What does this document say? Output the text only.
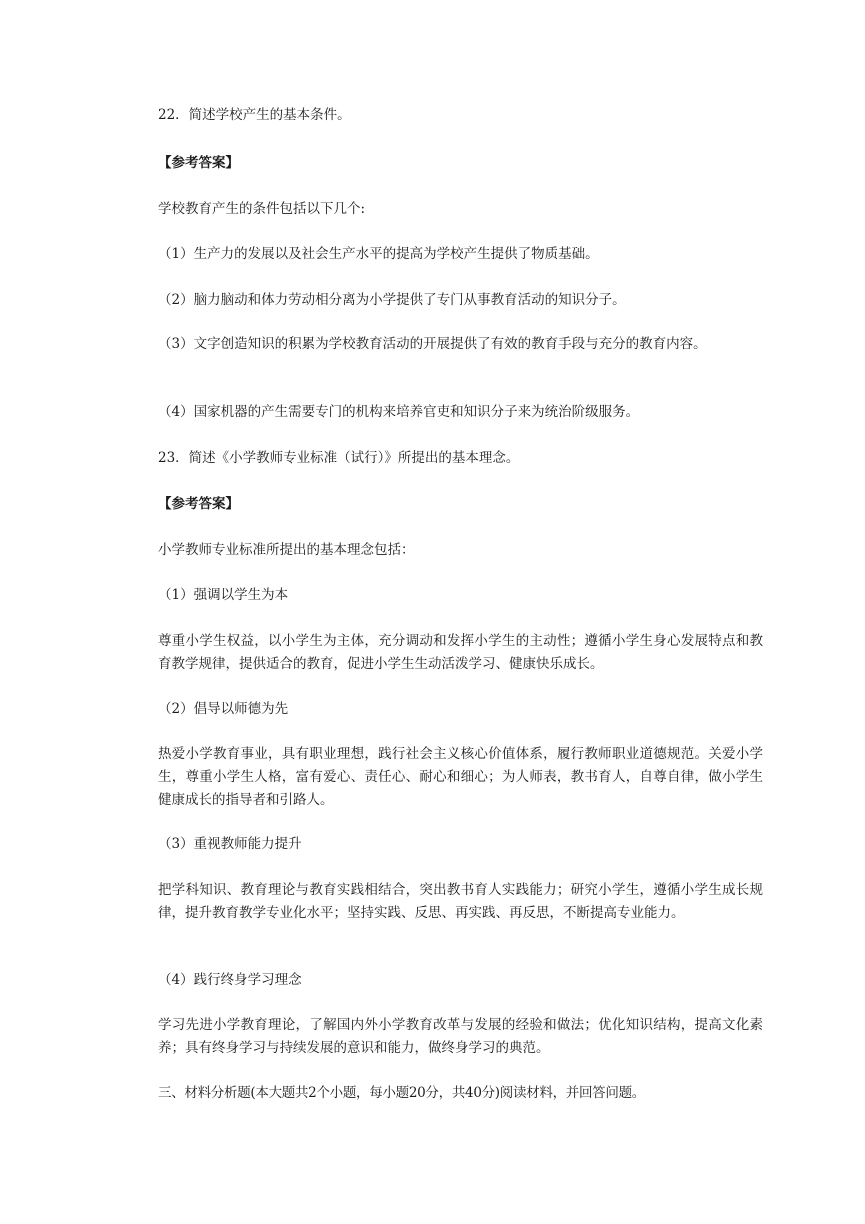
22．简述学校产生的基本条件。
【参考答案】
学校教育产生的条件包括以下几个:
（1）生产力的发展以及社会生产水平的提高为学校产生提供了物质基础。
（2）脑力脑动和体力劳动相分离为小学提供了专门从事教育活动的知识分子。
（3）文字创造知识的积累为学校教育活动的开展提供了有效的教育手段与充分的教育内容。
（4）国家机器的产生需要专门的机构来培养官吏和知识分子来为统治阶级服务。
23．简述《小学教师专业标准（试行）》所提出的基本理念。
【参考答案】
小学教师专业标准所提出的基本理念包括：
（1）强调以学生为本
尊重小学生权益，以小学生为主体，充分调动和发挥小学生的主动性；遵循小学生身心发展特点和教育教学规律，提供适合的教育，促进小学生生动活泼学习、健康快乐成长。
（2）倡导以师德为先
热爱小学教育事业，具有职业理想，践行社会主义核心价值体系，履行教师职业道德规范。关爱小学生，尊重小学生人格，富有爱心、责任心、耐心和细心；为人师表，教书育人，自尊自律，做小学生健康成长的指导者和引路人。
（3）重视教师能力提升
把学科知识、教育理论与教育实践相结合，突出教书育人实践能力；研究小学生，遵循小学生成长规律，提升教育教学专业化水平；坚持实践、反思、再实践、再反思，不断提高专业能力。
（4）践行终身学习理念
学习先进小学教育理论，了解国内外小学教育改革与发展的经验和做法；优化知识结构，提高文化素养；具有终身学习与持续发展的意识和能力，做终身学习的典范。
三、材料分析题(本大题共2个小题，每小题20分，共40分)阅读材料，并回答问题。
